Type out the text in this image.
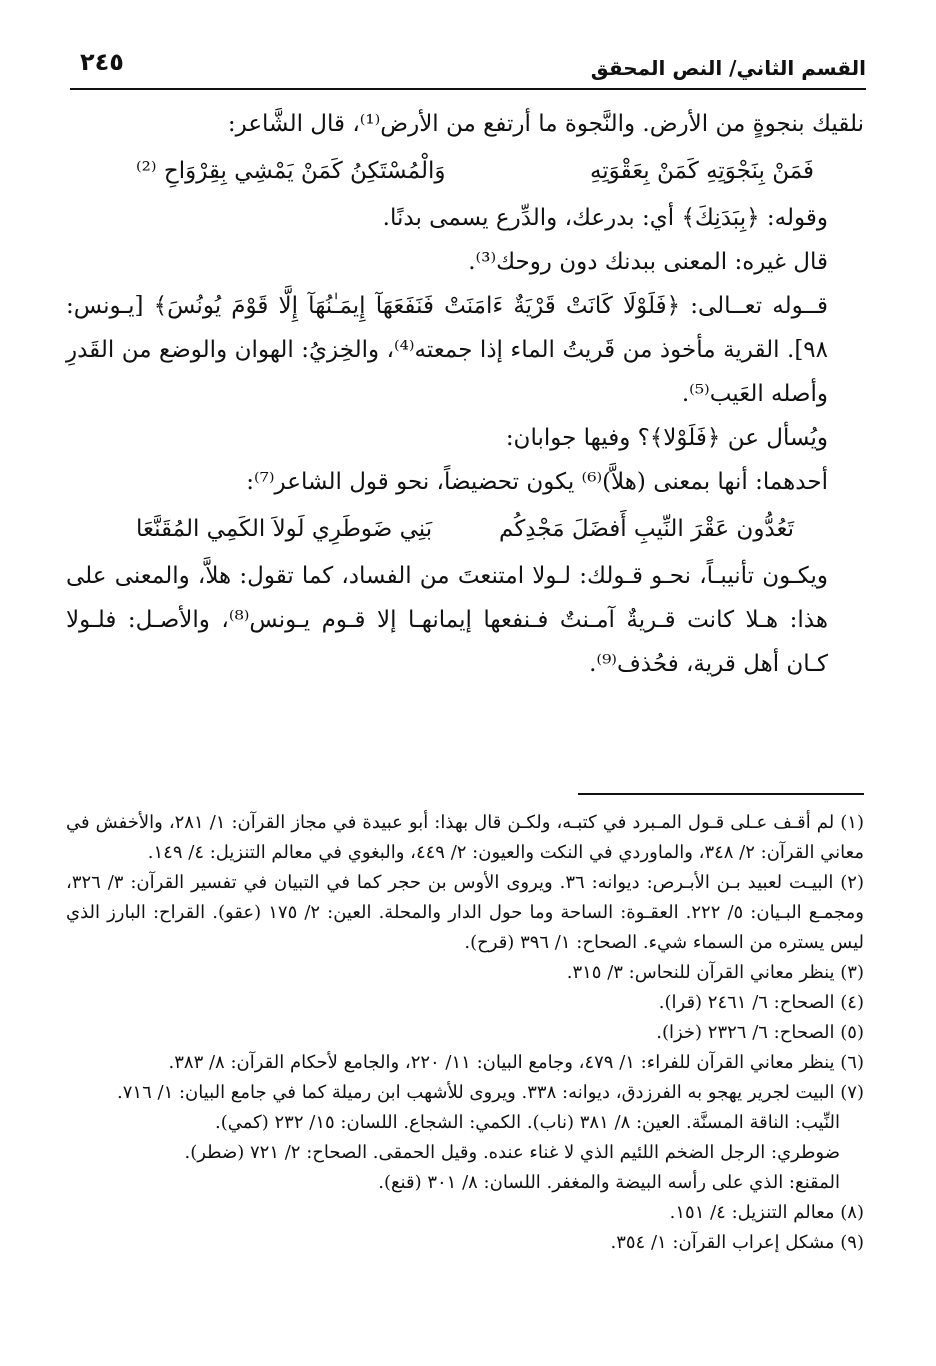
القسم الثاني/ النص المحقق
٢٤٥

نلقيك بنجوةٍ من الأرض. والنَّجوة ما أرتفع من الأرض⁽¹⁾، قال الشَّاعر:

فَمَنْ بِنَجْوَتِهِ كَمَنْ بِعَقْوَتِهِ
وَالْمُسْتَكِنُ كَمَنْ يَمْشِي بِقِرْوَاحِ ⁽²⁾

وقوله: ﴿بِبَدَنِكَ﴾ أي: بدرعك، والدِّرع يسمى بدنًا.

قال غيره: المعنى ببدنك دون روحك⁽³⁾.

قــوله تعــالى: ﴿فَلَوْلَا كَانَتْ قَرْيَةٌ ءَامَنَتْ فَنَفَعَهَآ إِيمَـٰنُهَآ إِلَّا قَوْمَ يُونُسَ﴾ [يـونس: ٩٨]. القرية مأخوذ من قَريتُ الماء إذا جمعته⁽⁴⁾، والخِزيُ: الهوان والوضع من القَدرِ وأصله العَيب⁽⁵⁾.

ويُسأل عن ﴿فَلَوْلا﴾؟ وفيها جوابان:

أحدهما: أنها بمعنى (هلاَّ)⁽⁶⁾ يكون تحضيضاً، نحو قول الشاعر⁽⁷⁾:

تَعُدُّون عَقْرَ النِّيبِ أَفضَلَ مَجْدِكُم
بَنِي ضَوطَرِي لَولاَ الكَمِي المُقَنَّعَا

ويكـون تأنيبـاً، نحـو قـولك: لـولا امتنعتَ من الفساد، كما تقول: هلاَّ، والمعنى على هذا: هـلا كانت قـريةٌ آمـنتٌ فـنفعها إيمانهـا إلا قـوم يـونس⁽⁸⁾، والأصـل: فلـولا كـان أهل قرية، فحُذف⁽⁹⁾.

(١) لم أقـف عـلى قـول المـبرد في كتبـه، ولكـن قال بهذا: أبو عبيدة في مجاز القرآن: ١/ ٢٨١، والأخفش في معاني القرآن: ٢/ ٣٤٨، والماوردي في النكت والعيون: ٢/ ٤٤٩، والبغوي في معالم التنزيل: ٤/ ١٤٩.

(٢) البيـت لعبيد بـن الأبـرص: ديوانه: ٣٦. ويروى الأوس بن حجر كما في التبيان في تفسير القرآن: ٣/ ٣٢٦، ومجمـع البـيان: ٥/ ٢٢٢. العقـوة: الساحة وما حول الدار والمحلة. العين: ٢/ ١٧٥ (عقو). القراح: البارز الذي ليس يستره من السماء شيء. الصحاح: ١/ ٣٩٦ (قرح).

(٣) ينظر معاني القرآن للنحاس: ٣/ ٣١٥.

(٤) الصحاح: ٦/ ٢٤٦١ (قرا).

(٥) الصحاح: ٦/ ٢٣٢٦ (خزا).

(٦) ينظر معاني القرآن للفراء: ١/ ٤٧٩، وجامع البيان: ١١/ ٢٢٠، والجامع لأحكام القرآن: ٨/ ٣٨٣.

(٧) البيت لجرير يهجو به الفرزدق، ديوانه: ٣٣٨. ويروى للأشهب ابن رميلة كما في جامع البيان: ١/ ٧١٦.

النِّيب: الناقة المسنَّة. العين: ٨/ ٣٨١ (ناب). الكمي: الشجاع. اللسان: ١٥/ ٢٣٢ (كمي).

ضوطري: الرجل الضخم اللئيم الذي لا غناء عنده. وقيل الحمقى. الصحاح: ٢/ ٧٢١ (ضطر).

المقنع: الذي على رأسه البيضة والمغفر. اللسان: ٨/ ٣٠١ (قنع).

(٨) معالم التنزيل: ٤/ ١٥١.

(٩) مشكل إعراب القرآن: ١/ ٣٥٤.
